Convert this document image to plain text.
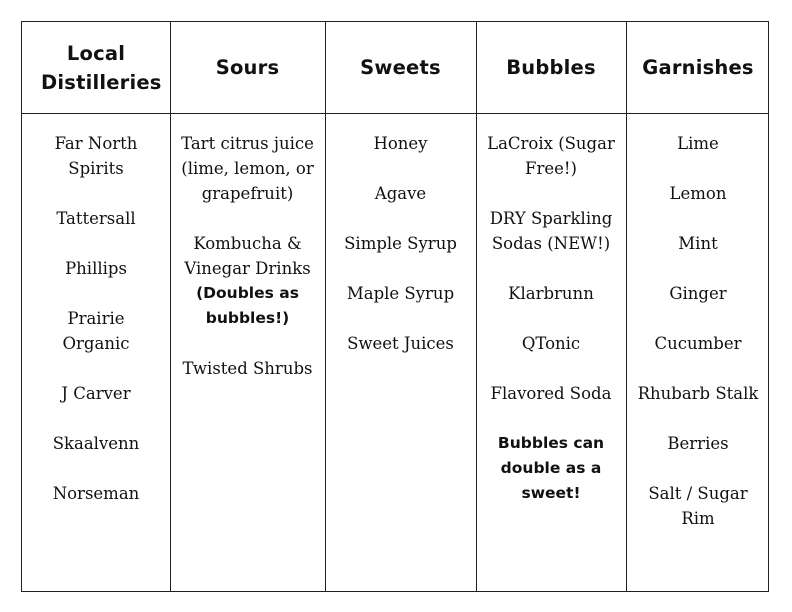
Local Distilleries
Far North Spirits
Tattersall
Phillips
Prairie Organic
J Carver
Skaalvenn
Norseman
Sours
Tart citrus juice (lime, lemon, or grapefruit)
Kombucha & Vinegar Drinks
(Doubles as bubbles!)
Twisted Shrubs
Sweets
Honey
Agave
Simple Syrup
Maple Syrup
Sweet Juices
Bubbles
LaCroix (Sugar Free!)
DRY Sparkling Sodas (NEW!)
Klarbrunn
QTonic
Flavored Soda
Bubbles can double as a sweet!
Garnishes
Lime
Lemon
Mint
Ginger
Cucumber
Rhubarb Stalk
Berries
Salt / Sugar Rim
